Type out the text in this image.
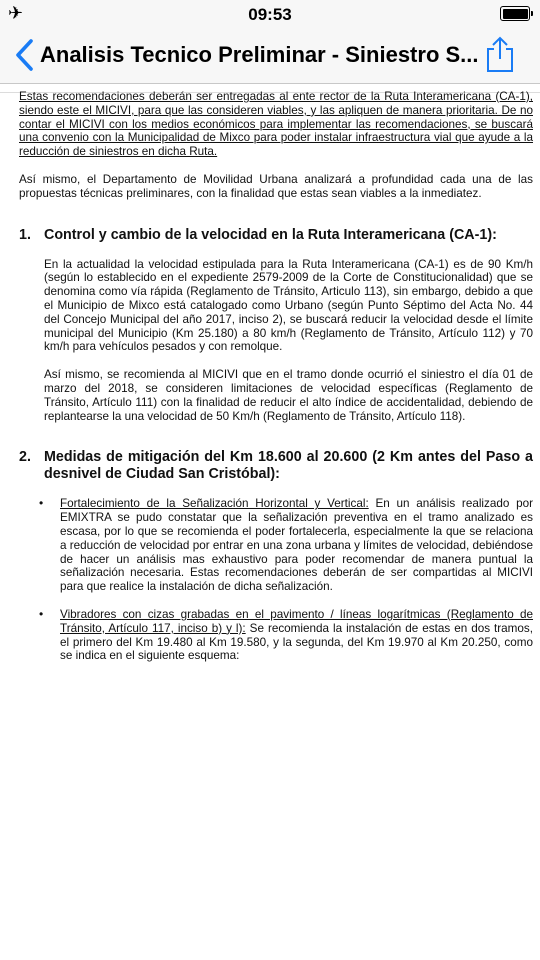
✈	09:53
Analisis Tecnico Preliminar - Siniestro S...

Estas recomendaciones deberán ser entregadas al ente rector de la Ruta Interamericana (CA-1), siendo este el MICIVI, para que las consideren viables, y las apliquen de manera prioritaria. De no contar el MICIVI con los medios económicos para implementar las recomendaciones, se buscará una convenio con la Municipalidad de Mixco para poder instalar infraestructura vial que ayude a la reducción de siniestros en dicha Ruta.

Así mismo, el Departamento de Movilidad Urbana analizará a profundidad cada una de las propuestas técnicas preliminares, con la finalidad que estas sean viables a la inmediatez.

1. Control y cambio de la velocidad en la Ruta Interamericana (CA-1):

En la actualidad la velocidad estipulada para la Ruta Interamericana (CA-1) es de 90 Km/h (según lo establecido en el expediente 2579-2009 de la Corte de Constitucionalidad) que se denomina como vía rápida (Reglamento de Tránsito, Articulo 113), sin embargo, debido a que el Municipio de Mixco está catalogado como Urbano (según Punto Séptimo del Acta No. 44 del Concejo Municipal del año 2017, inciso 2), se buscará reducir la velocidad desde el límite municipal del Municipio (Km 25.180) a 80 km/h (Reglamento de Tránsito, Artículo 112) y 70 km/h para vehículos pesados y con remolque.

Así mismo, se recomienda al MICIVI que en el tramo donde ocurrió el siniestro el día 01 de marzo del 2018, se consideren limitaciones de velocidad específicas (Reglamento de Tránsito, Artículo 111) con la finalidad de reducir el alto índice de accidentalidad, debiendo de replantearse la una velocidad de 50 Km/h (Reglamento de Tránsito, Artículo 118).

2. Medidas de mitigación del Km 18.600 al 20.600 (2 Km antes del Paso a desnivel de Ciudad San Cristóbal):
•	Fortalecimiento de la Señalización Horizontal y Vertical: En un análisis realizado por EMIXTRA se pudo constatar que la señalización preventiva en el tramo analizado es escasa, por lo que se recomienda el poder fortalecerla, especialmente la que se relaciona a reducción de velocidad por entrar en una zona urbana y límites de velocidad, debiéndose de hacer un análisis mas exhaustivo para poder recomendar de manera puntual la señalización necesaria. Estas recomendaciones deberán de ser compartidas al MICIVI para que realice la instalación de dicha señalización.
•	Vibradores con cizas grabadas en el pavimento / líneas logarítmicas (Reglamento de Tránsito, Artículo 117, inciso b) y l): Se recomienda la instalación de estas en dos tramos, el primero del Km 19.480 al Km 19.580, y la segunda, del Km 19.970 al Km 20.250, como se indica en el siguiente esquema:
